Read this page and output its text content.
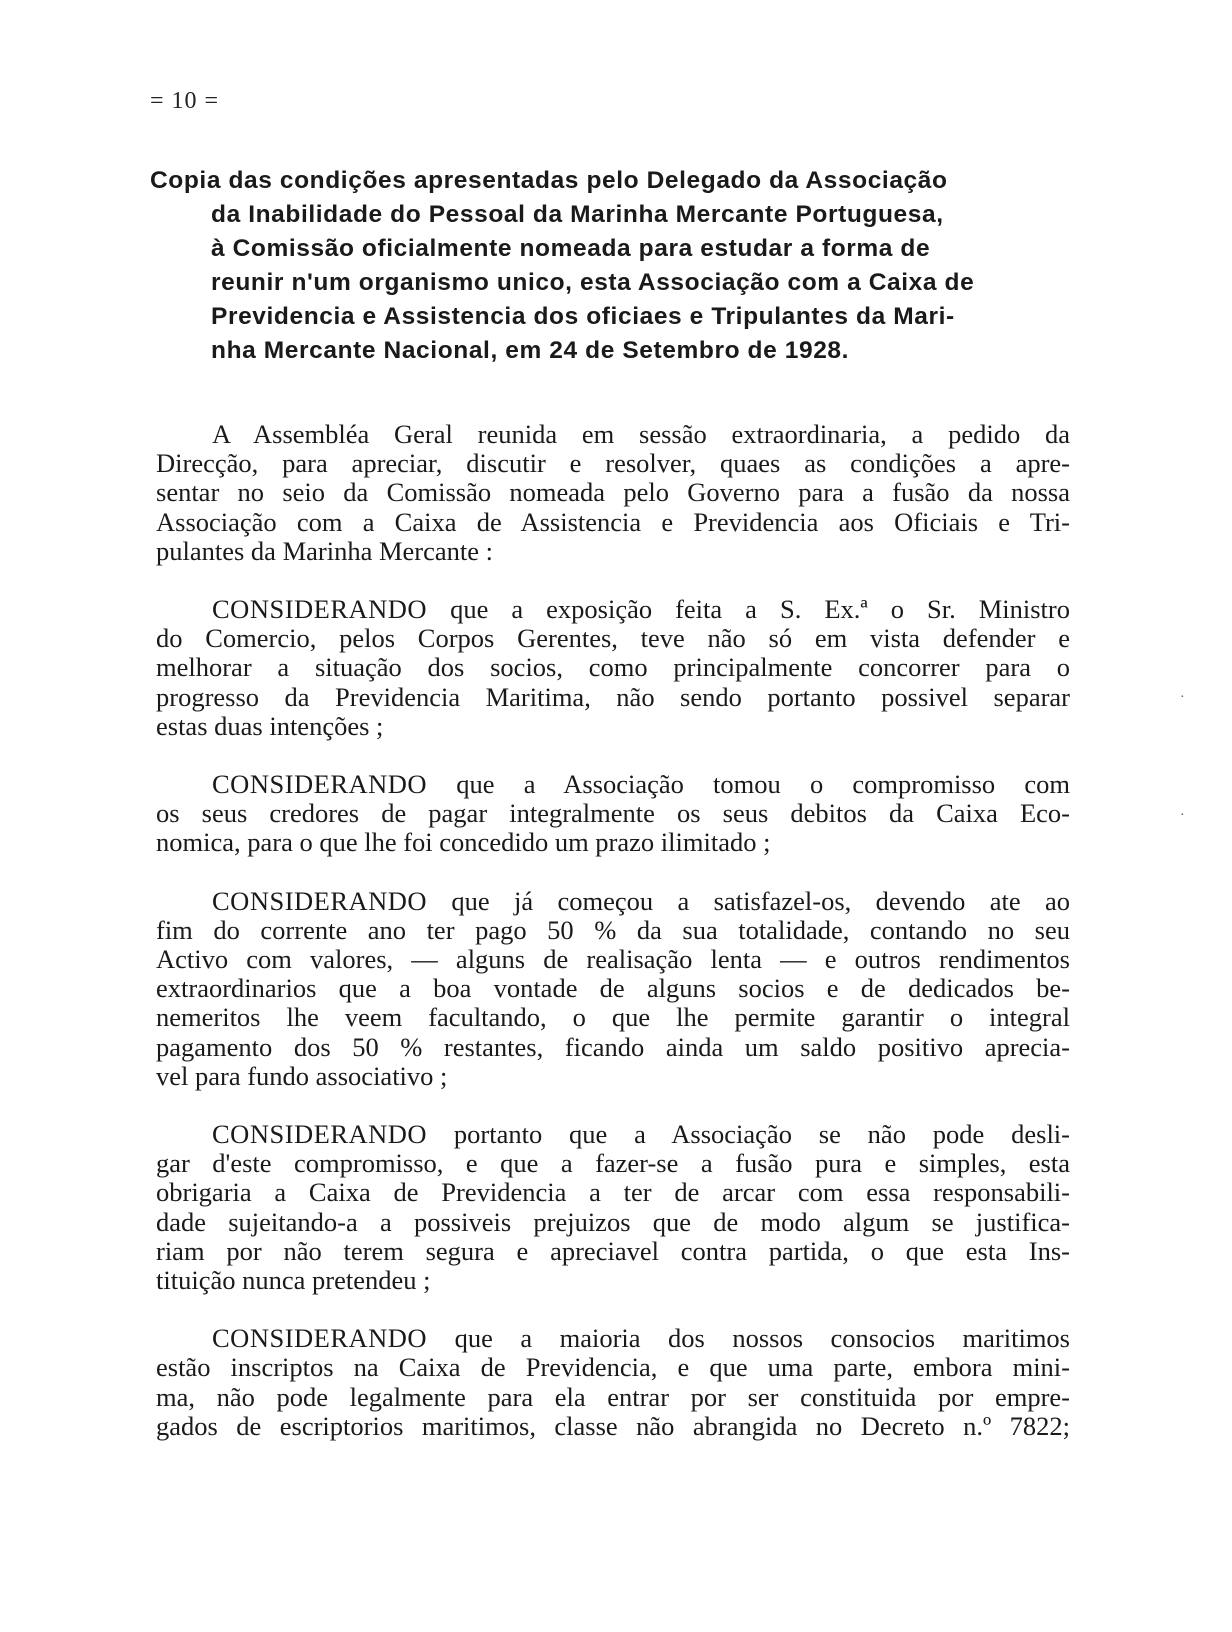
= 10 =
Copia das condições apresentadas pelo Delegado da Associação
da Inabilidade do Pessoal da Marinha Mercante Portuguesa,
à Comissão oficialmente nomeada para estudar a forma de
reunir n'um organismo unico, esta Associação com a Caixa de
Previdencia e Assistencia dos oficiaes e Tripulantes da Mari-
nha Mercante Nacional, em 24 de Setembro de 1928.
A Assembléa Geral reunida em sessão extraordinaria, a pedido da
Direcção, para apreciar, discutir e resolver, quaes as condições a apre-
sentar no seio da Comissão nomeada pelo Governo para a fusão da nossa
Associação com a Caixa de Assistencia e Previdencia aos Oficiais e Tri-
pulantes da Marinha Mercante :
CONSIDERANDO que a exposição feita a S. Ex.ª o Sr. Ministro
do Comercio, pelos Corpos Gerentes, teve não só em vista defender e
melhorar a situação dos socios, como principalmente concorrer para o
progresso da Previdencia Maritima, não sendo portanto possivel separar
estas duas intenções ;
CONSIDERANDO que a Associação tomou o compromisso com
os seus credores de pagar integralmente os seus debitos da Caixa Eco-
nomica, para o que lhe foi concedido um prazo ilimitado ;
CONSIDERANDO que já começou a satisfazel-os, devendo ate ao
fim do corrente ano ter pago 50 % da sua totalidade, contando no seu
Activo com valores, — alguns de realisação lenta — e outros rendimentos
extraordinarios que a boa vontade de alguns socios e de dedicados be-
nemeritos lhe veem facultando, o que lhe permite garantir o integral
pagamento dos 50 % restantes, ficando ainda um saldo positivo aprecia-
vel para fundo associativo ;
CONSIDERANDO portanto que a Associação se não pode desli-
gar d'este compromisso, e que a fazer-se a fusão pura e simples, esta
obrigaria a Caixa de Previdencia a ter de arcar com essa responsabili-
dade sujeitando-a a possiveis prejuizos que de modo algum se justifica-
riam por não terem segura e apreciavel contra partida, o que esta Ins-
tituição nunca pretendeu ;
CONSIDERANDO que a maioria dos nossos consocios maritimos
estão inscriptos na Caixa de Previdencia, e que uma parte, embora mini-
ma, não pode legalmente para ela entrar por ser constituida por empre-
gados de escriptorios maritimos, classe não abrangida no Decreto n.º 7822;
·
·
